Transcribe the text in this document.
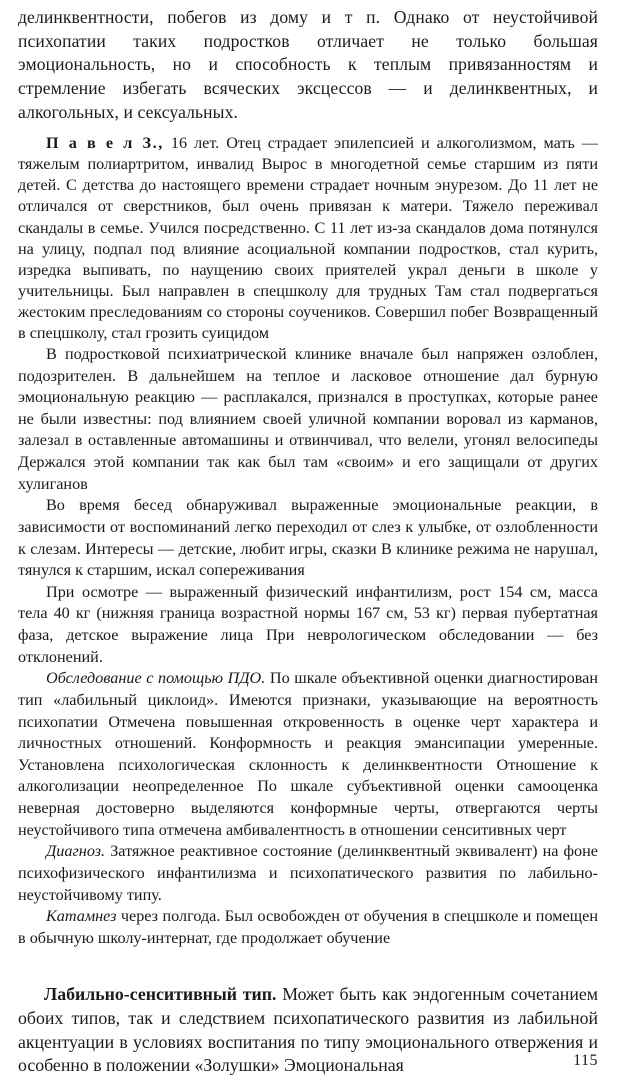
делинквентности, побегов из дому и т п. Однако от неустойчивой психопатии таких подростков отличает не только большая эмоциональность, но и способность к теплым привязанностям и стремление избегать всяческих эксцессов — и делинквентных, и алкогольных, и сексуальных.

П а в е л З., 16 лет. Отец страдает эпилепсией и алкоголизмом, мать — тяжелым полиартритом, инвалид Вырос в многодетной семье старшим из пяти детей. С детства до настоящего времени страдает ночным энурезом. До 11 лет не отличался от сверстников, был очень привязан к матери. Тяжело переживал скандалы в семье. Учился посредственно. С 11 лет из-за скандалов дома потянулся на улицу, подпал под влияние асоциальной компании подростков, стал курить, изредка выпивать, по наущению своих приятелей украл деньги в школе у учительницы. Был направлен в спецшколу для трудных Там стал подвергаться жестоким преследованиям со стороны соучеников. Совершил побег Возвращенный в спецшколу, стал грозить суицидом

В подростковой психиатрической клинике вначале был напряжен озлоблен, подозрителен. В дальнейшем на теплое и ласковое отношение дал бурную эмоциональную реакцию — расплакался, признался в проступках, которые ранее не были известны: под влиянием своей уличной компании воровал из карманов, залезал в оставленные автомашины и отвинчивал, что велели, угонял велосипеды Держался этой компании так как был там «своим» и его защищали от других хулиганов

Во время бесед обнаруживал выраженные эмоциональные реакции, в зависимости от воспоминаний легко переходил от слез к улыбке, от озлобленности к слезам. Интересы — детские, любит игры, сказки В клинике режима не нарушал, тянулся к старшим, искал сопереживания

При осмотре — выраженный физический инфантилизм, рост 154 см, масса тела 40 кг (нижняя граница возрастной нормы 167 см, 53 кг) первая пубертатная фаза, детское выражение лица При неврологическом обследовании — без отклонений.

Обследование с помощью ПДО. По шкале объективной оценки диагностирован тип «лабильный циклоид». Имеются признаки, указывающие на вероятность психопатии Отмечена повышенная откровенность в оценке черт характера и личностных отношений. Конформность и реакция эмансипации умеренные. Установлена психологическая склонность к делинквентности Отношение к алкоголизации неопределенное По шкале субъективной оценки самооценка неверная достоверно выделяются конформные черты, отвергаются черты неустойчивого типа отмечена амбивалентность в отношении сенситивных черт

Диагноз. Затяжное реактивное состояние (делинквентный эквивалент) на фоне психофизического инфантилизма и психопатического развития по лабильно-неустойчивому типу.

Катамнез через полгода. Был освобожден от обучения в спецшколе и помещен в обычную школу-интернат, где продолжает обучение

Лабильно-сенситивный тип. Может быть как эндогенным сочетанием обоих типов, так и следствием психопатического развития из лабильной акцентуации в условиях воспитания по типу эмоционального отвержения и особенно в положении «Золушки» Эмоциональная	115
